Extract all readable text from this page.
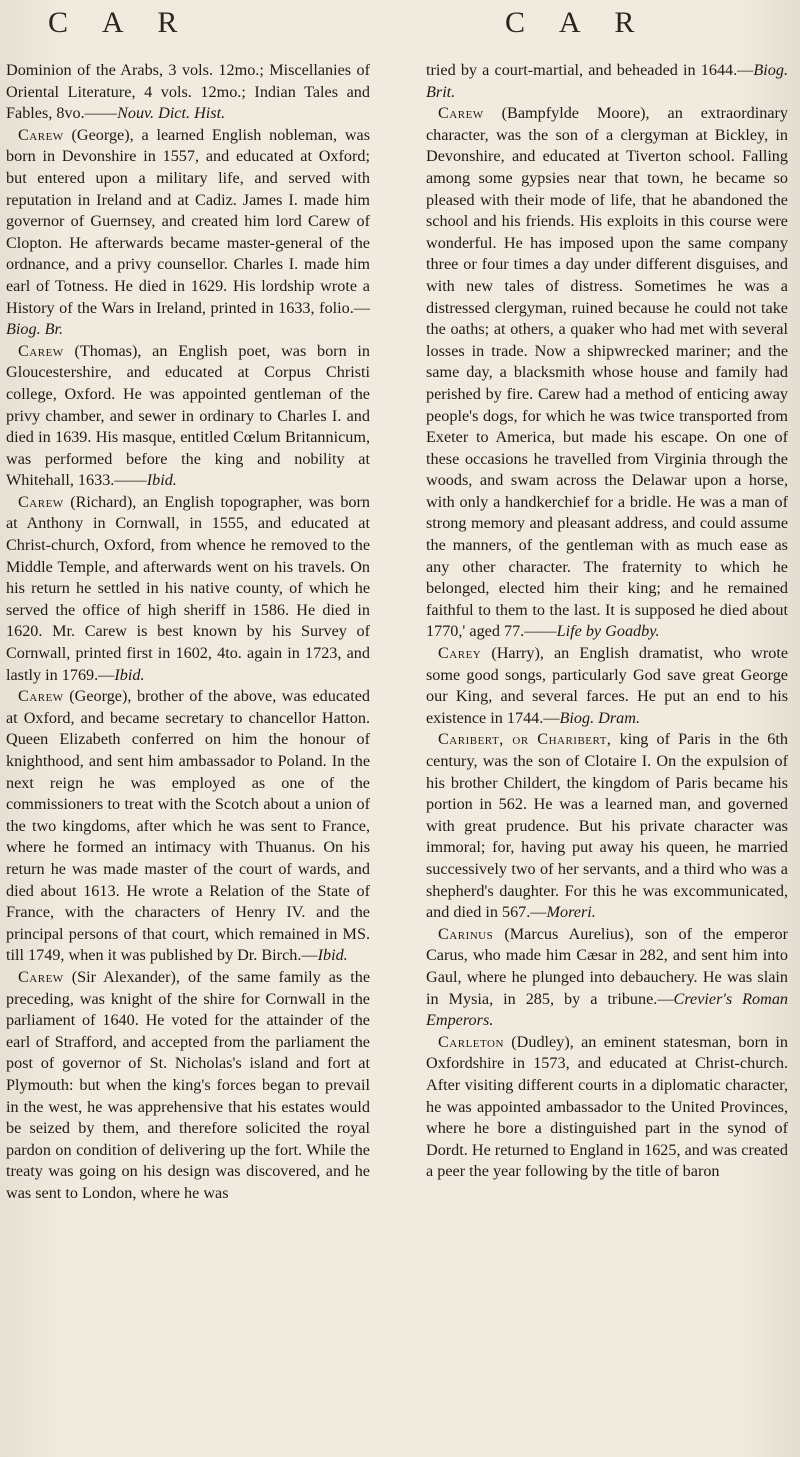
C A R	C A R

Dominion of the Arabs, 3 vols. 12mo.; Miscellanies of Oriental Literature, 4 vols. 12mo.; Indian Tales and Fables, 8vo.——Nouv. Dict. Hist.

Carew (George), a learned English nobleman, was born in Devonshire in 1557, and educated at Oxford; but entered upon a military life, and served with reputation in Ireland and at Cadiz. James I. made him governor of Guernsey, and created him lord Carew of Clopton. He afterwards became master-general of the ordnance, and a privy counsellor. Charles I. made him earl of Totness. He died in 1629. His lordship wrote a History of the Wars in Ireland, printed in 1633, folio.—Biog. Br.

Carew (Thomas), an English poet, was born in Gloucestershire, and educated at Corpus Christi college, Oxford. He was appointed gentleman of the privy chamber, and sewer in ordinary to Charles I. and died in 1639. His masque, entitled Cœlum Britannicum, was performed before the king and nobility at Whitehall, 1633.——Ibid.

Carew (Richard), an English topographer, was born at Anthony in Cornwall, in 1555, and educated at Christ-church, Oxford, from whence he removed to the Middle Temple, and afterwards went on his travels. On his return he settled in his native county, of which he served the office of high sheriff in 1586. He died in 1620. Mr. Carew is best known by his Survey of Cornwall, printed first in 1602, 4to. again in 1723, and lastly in 1769.—Ibid.

Carew (George), brother of the above, was educated at Oxford, and became secretary to chancellor Hatton. Queen Elizabeth conferred on him the honour of knighthood, and sent him ambassador to Poland. In the next reign he was employed as one of the commissioners to treat with the Scotch about a union of the two kingdoms, after which he was sent to France, where he formed an intimacy with Thuanus. On his return he was made master of the court of wards, and died about 1613. He wrote a Relation of the State of France, with the characters of Henry IV. and the principal persons of that court, which remained in MS. till 1749, when it was published by Dr. Birch.—Ibid.

Carew (Sir Alexander), of the same family as the preceding, was knight of the shire for Cornwall in the parliament of 1640. He voted for the attainder of the earl of Strafford, and accepted from the parliament the post of governor of St. Nicholas's island and fort at Plymouth: but when the king's forces began to prevail in the west, he was apprehensive that his estates would be seized by them, and therefore solicited the royal pardon on condition of delivering up the fort. While the treaty was going on his design was discovered, and he was sent to London, where he was

tried by a court-martial, and beheaded in 1644.—Biog. Brit.

Carew (Bampfylde Moore), an extraordinary character, was the son of a clergyman at Bickley, in Devonshire, and educated at Tiverton school. Falling among some gypsies near that town, he became so pleased with their mode of life, that he abandoned the school and his friends. His exploits in this course were wonderful. He has imposed upon the same company three or four times a day under different disguises, and with new tales of distress. Sometimes he was a distressed clergyman, ruined because he could not take the oaths; at others, a quaker who had met with several losses in trade. Now a shipwrecked mariner; and the same day, a blacksmith whose house and family had perished by fire. Carew had a method of enticing away people's dogs, for which he was twice transported from Exeter to America, but made his escape. On one of these occasions he travelled from Virginia through the woods, and swam across the Delawar upon a horse, with only a handkerchief for a bridle. He was a man of strong memory and pleasant address, and could assume the manners, of the gentleman with as much ease as any other character. The fraternity to which he belonged, elected him their king; and he remained faithful to them to the last. It is supposed he died about 1770,' aged 77.——Life by Goadby.

Carey (Harry), an English dramatist, who wrote some good songs, particularly God save great George our King, and several farces. He put an end to his existence in 1744.—Biog. Dram.

Caribert, or Charibert, king of Paris in the 6th century, was the son of Clotaire I. On the expulsion of his brother Childert, the kingdom of Paris became his portion in 562. He was a learned man, and governed with great prudence. But his private character was immoral; for, having put away his queen, he married successively two of her servants, and a third who was a shepherd's daughter. For this he was excommunicated, and died in 567.—Moreri.

Carinus (Marcus Aurelius), son of the emperor Carus, who made him Cæsar in 282, and sent him into Gaul, where he plunged into debauchery. He was slain in Mysia, in 285, by a tribune.—Crevier's Roman Emperors.

Carleton (Dudley), an eminent statesman, born in Oxfordshire in 1573, and educated at Christ-church. After visiting different courts in a diplomatic character, he was appointed ambassador to the United Provinces, where he bore a distinguished part in the synod of Dordt. He returned to England in 1625, and was created a peer the year following by the title of baron
